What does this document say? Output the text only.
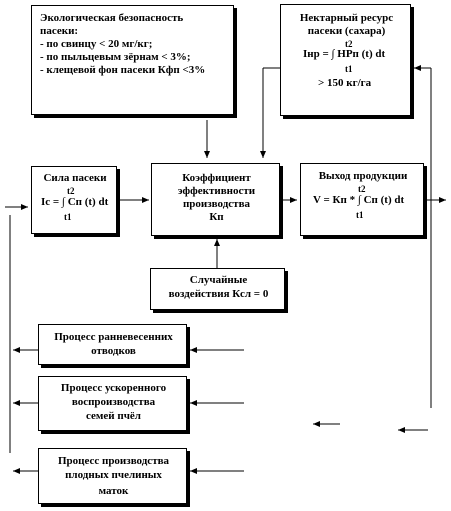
Экологическая безопасность
пасеки:
- по свинцу < 20 мг/кг;
- по пыльцевым зёрнам < 3%;
- клещевой фон пасеки Кфп <3%
Нектарный ресурс
пасеки (сахара)
t2
Iнр = ∫ НРп (t) dt
t1
> 150 кг/га
Сила пасеки
t2
Ic = ∫ Сп (t) dt
t1
Коэффициент
эффективности
производства
Кп
Выход продукции
t2
V = Кп * ∫ Сп (t) dt
t1
Случайные
воздействия Ксл = 0
Процесс ранневесенних
отводков
Процесс ускоренного
воспроизводства
семей пчёл
Процесс производства
плодных пчелиных
маток
